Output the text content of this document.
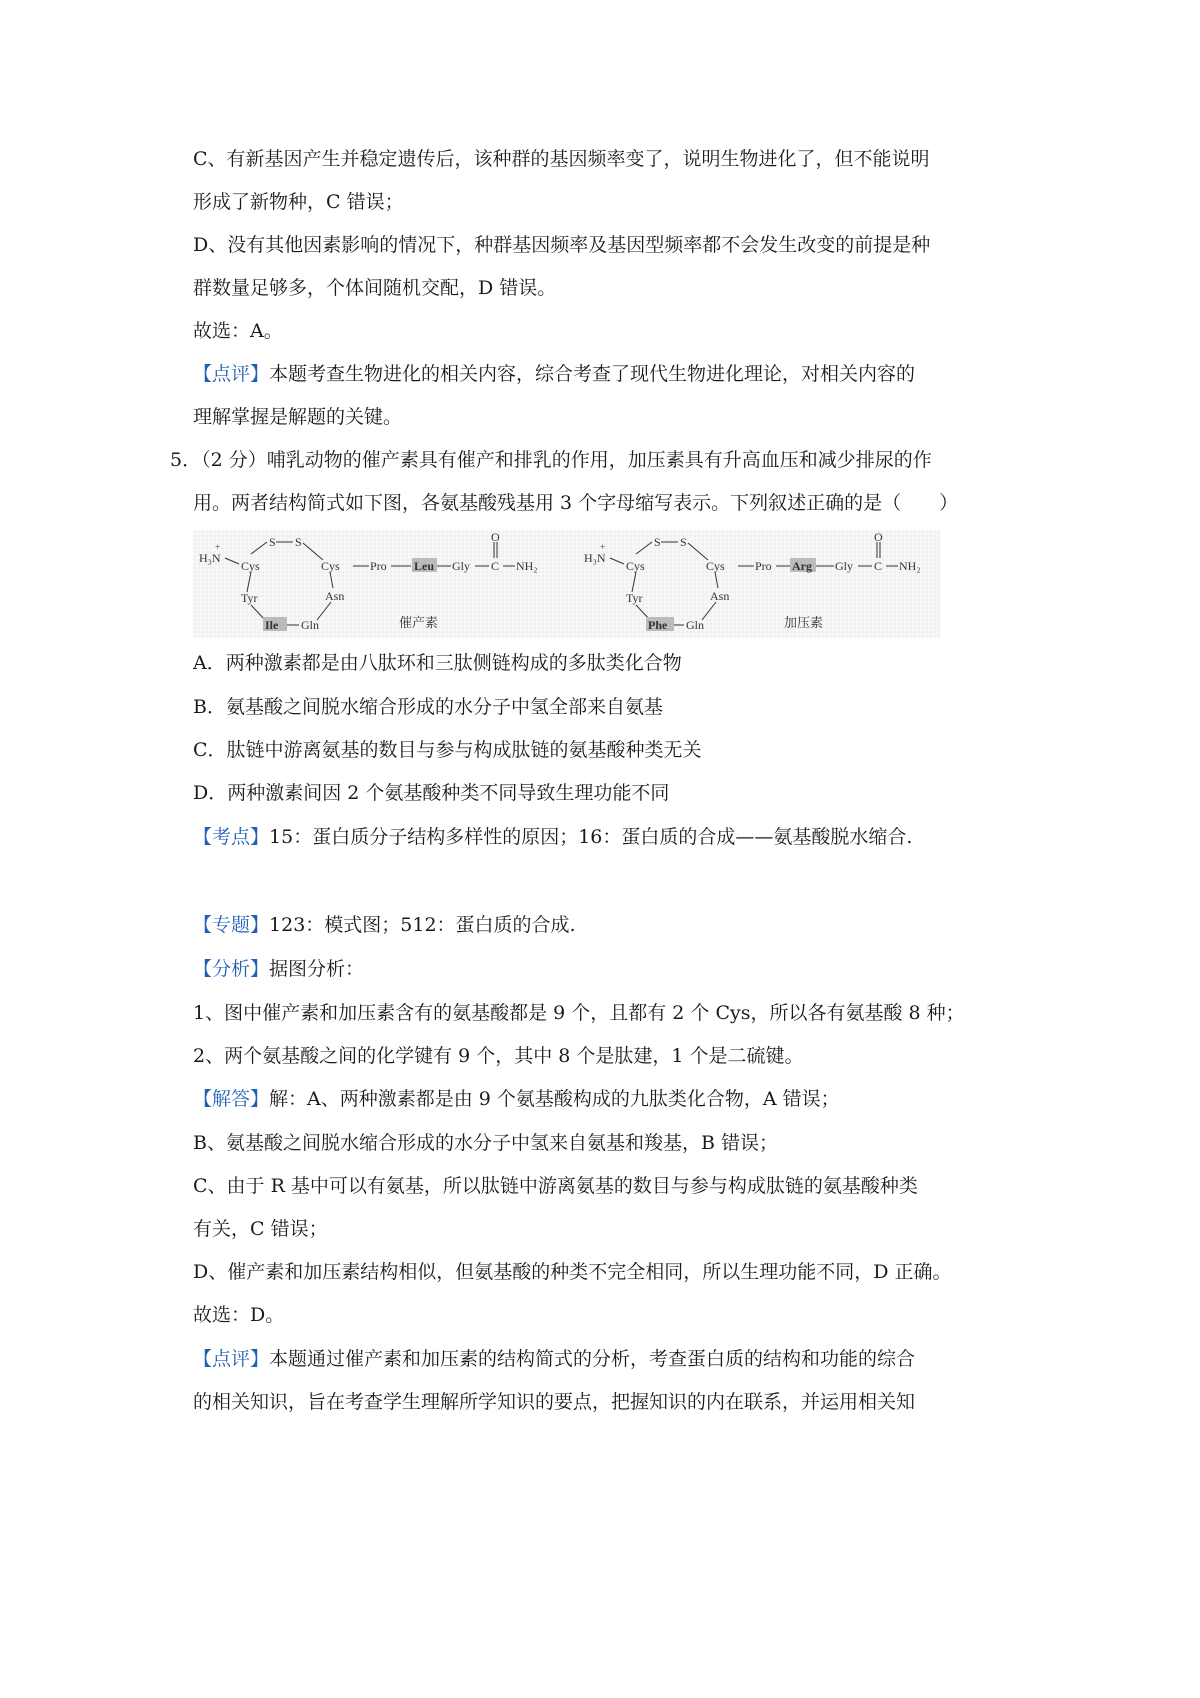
C、有新基因产生并稳定遗传后，该种群的基因频率变了，说明生物进化了，但不能说明
形成了新物种，C 错误；
D、没有其他因素影响的情况下，种群基因频率及基因型频率都不会发生改变的前提是种
群数量足够多，个体间随机交配，D 错误。
故选：A。
【点评】本题考查生物进化的相关内容，综合考查了现代生物进化理论，对相关内容的
理解掌握是解题的关键。
5．（2 分）哺乳动物的催产素具有催产和排乳的作用，加压素具有升高血压和减少排尿的作
用。两者结构简式如下图，各氨基酸残基用 3 个字母缩写表示。下列叙述正确的是（　　）
A．两种激素都是由八肽环和三肽侧链构成的多肽类化合物
B．氨基酸之间脱水缩合形成的水分子中氢全部来自氨基
C．肽链中游离氨基的数目与参与构成肽链的氨基酸种类无关
D．两种激素间因 2 个氨基酸种类不同导致生理功能不同
【考点】15：蛋白质分子结构多样性的原因；16：蛋白质的合成——氨基酸脱水缩合.
【专题】123：模式图；512：蛋白质的合成.
【分析】据图分析：
1、图中催产素和加压素含有的氨基酸都是 9 个，且都有 2 个 Cys，所以各有氨基酸 8 种；
2、两个氨基酸之间的化学键有 9 个，其中 8 个是肽建，1 个是二硫键。
【解答】解：A、两种激素都是由 9 个氨基酸构成的九肽类化合物，A 错误；
B、氨基酸之间脱水缩合形成的水分子中氢来自氨基和羧基，B 错误；
C、由于 R 基中可以有氨基，所以肽链中游离氨基的数目与参与构成肽链的氨基酸种类
有关，C 错误；
D、催产素和加压素结构相似，但氨基酸的种类不完全相同，所以生理功能不同，D 正确。
故选：D。
【点评】本题通过催产素和加压素的结构简式的分析，考查蛋白质的结构和功能的综合
的相关知识，旨在考查学生理解所学知识的要点，把握知识的内在联系，并运用相关知
H₃N
+
Cys
S S
Cys
Tyr	Asn
Ile Gln
Pro Leu Gly C
O
NH₂
催产素
H₃N
+
Cys
S S
Cys
Tyr	Asn
Phe Gln
Pro Arg Gly C
O
NH₂
加压素
